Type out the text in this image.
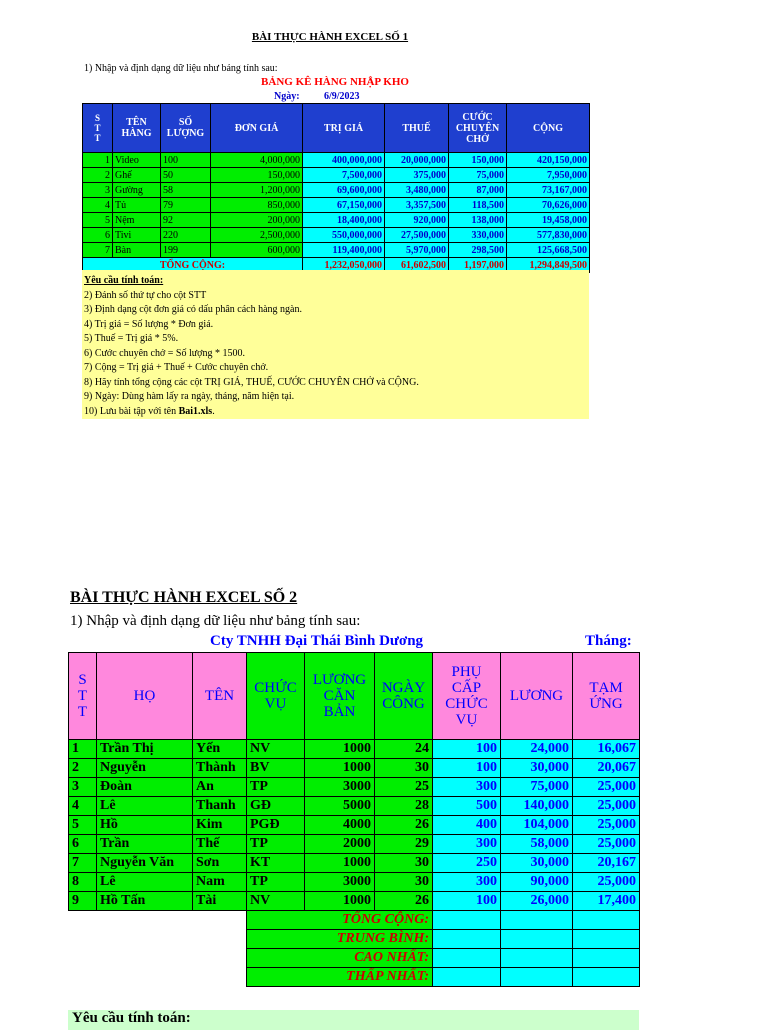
BÀI THỰC HÀNH EXCEL SỐ 1
1) Nhập và định dạng dữ liệu như bảng tính sau:
BẢNG KÊ HÀNG NHẬP KHO
Ngày: 6/9/2023
S
T
T	TÊN HÀNG	SỐ LƯỢNG	ĐƠN GIÁ	TRỊ GIÁ	THUẾ	CƯỚC CHUYÊN CHỞ	CỘNG
1	Video	100	4,000,000	400,000,000	20,000,000	150,000	420,150,000
2	Ghế	50	150,000	7,500,000	375,000	75,000	7,950,000
3	Gường	58	1,200,000	69,600,000	3,480,000	87,000	73,167,000
4	Tủ	79	850,000	67,150,000	3,357,500	118,500	70,626,000
5	Nệm	92	200,000	18,400,000	920,000	138,000	19,458,000
6	Tivi	220	2,500,000	550,000,000	27,500,000	330,000	577,830,000
7	Bàn	199	600,000	119,400,000	5,970,000	298,500	125,668,500
TỔNG CỘNG:				1,232,050,000	61,602,500	1,197,000	1,294,849,500
Yêu cầu tính toán:
2) Đánh số thứ tự cho cột STT
3) Định dạng cột đơn giá có dấu phân cách hàng ngàn.
4) Trị giá = Số lượng * Đơn giá.
5) Thuế = Trị giá * 5%.
6) Cước chuyên chở = Số lượng * 1500.
7) Cộng = Trị giá + Thuế + Cước chuyên chở.
8) Hãy tính tổng cộng các cột TRỊ GIÁ, THUẾ, CƯỚC CHUYÊN CHỞ và CỘNG.
9) Ngày: Dùng hàm lấy ra ngày, tháng, năm hiện tại.
10) Lưu bài tập với tên Bai1.xls.
BÀI THỰC HÀNH EXCEL SỐ 2
1) Nhập và định dạng dữ liệu như bảng tính sau:
Cty TNHH Đại Thái Bình Dương	Tháng:
S
T
T	HỌ	TÊN	CHỨC VỤ	LƯƠNG CĂN BẢN	NGÀY CÔNG	PHỤ CẤP CHỨC VỤ	LƯƠNG	TẠM ỨNG
1	Trần Thị	Yến	NV	1000	24	100	24,000	16,067
2	Nguyễn	Thành	BV	1000	30	100	30,000	20,067
3	Đoàn	An	TP	3000	25	300	75,000	25,000
4	Lê	Thanh	GĐ	5000	28	500	140,000	25,000
5	Hồ	Kim	PGĐ	4000	26	400	104,000	25,000
6	Trần	Thế	TP	2000	29	300	58,000	25,000
7	Nguyễn Văn	Sơn	KT	1000	30	250	30,000	20,167
8	Lê	Nam	TP	3000	30	300	90,000	25,000
9	Hồ Tấn	Tài	NV	1000	26	100	26,000	17,400
			TỔNG CỘNG:					
			TRUNG BÌNH:					
			CAO NHẤT:					
			THẤP NHẤT:					
Yêu cầu tính toán:
